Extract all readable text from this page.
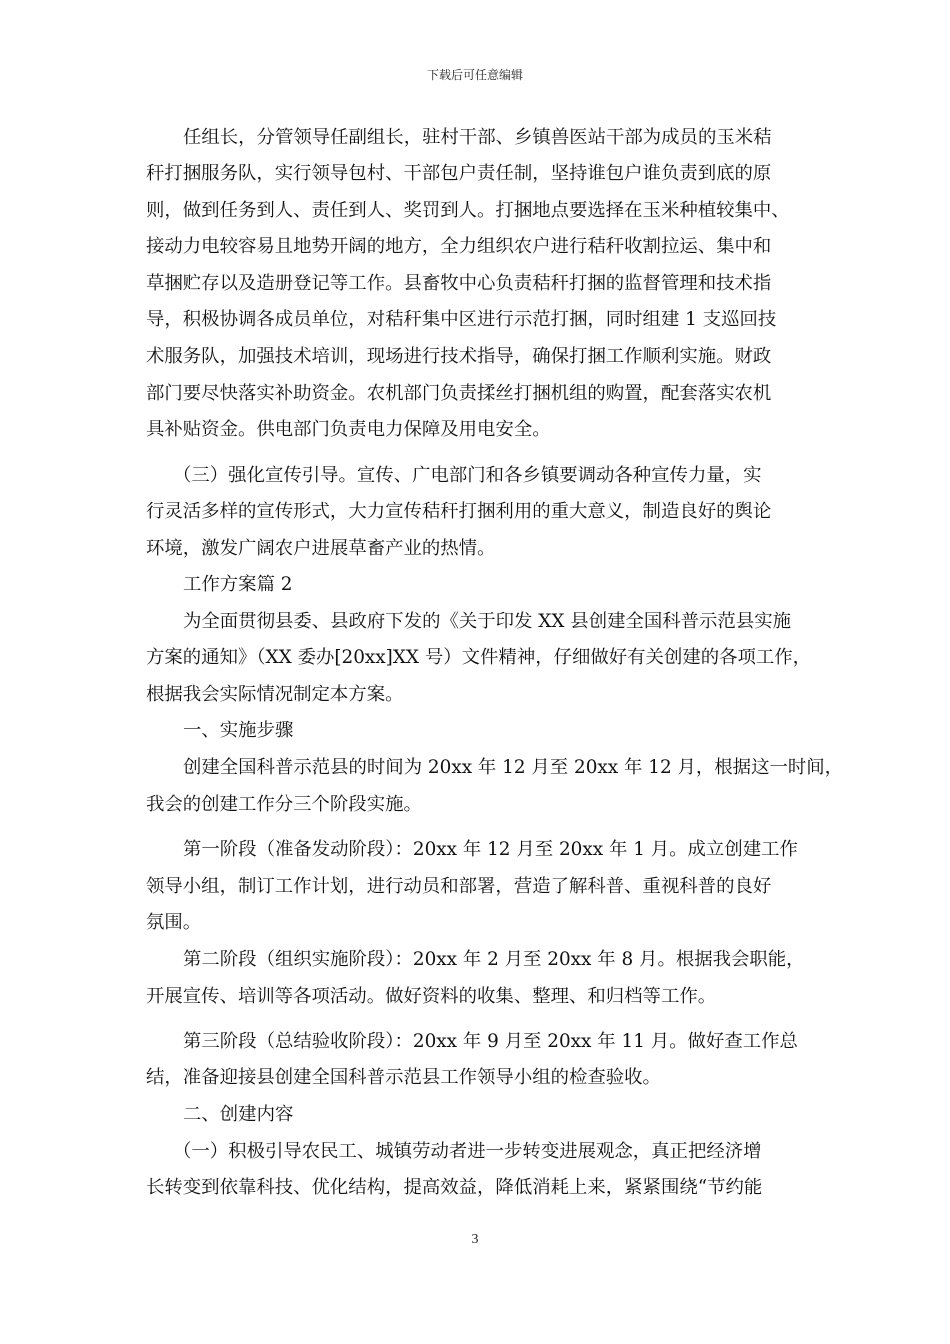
下载后可任意编辑
任组长，分管领导任副组长，驻村干部、乡镇兽医站干部为成员的玉米秸
秆打捆服务队，实行领导包村、干部包户责任制，坚持谁包户谁负责到底的原
则，做到任务到人、责任到人、奖罚到人。打捆地点要选择在玉米种植较集中、
接动力电较容易且地势开阔的地方，全力组织农户进行秸秆收割拉运、集中和
草捆贮存以及造册登记等工作。县畜牧中心负责秸秆打捆的监督管理和技术指
导，积极协调各成员单位，对秸秆集中区进行示范打捆，同时组建 1 支巡回技
术服务队，加强技术培训，现场进行技术指导，确保打捆工作顺利实施。财政
部门要尽快落实补助资金。农机部门负责揉丝打捆机组的购置，配套落实农机
具补贴资金。供电部门负责电力保障及用电安全。
（三）强化宣传引导。宣传、广电部门和各乡镇要调动各种宣传力量，实
行灵活多样的宣传形式，大力宣传秸秆打捆利用的重大意义，制造良好的舆论
环境，激发广阔农户进展草畜产业的热情。
工作方案篇 2
为全面贯彻县委、县政府下发的《关于印发 XX 县创建全国科普示范县实施
方案的通知》（XX 委办[20xx]XX 号）文件精神，仔细做好有关创建的各项工作，
根据我会实际情况制定本方案。
一、实施步骤
创建全国科普示范县的时间为 20xx 年 12 月至 20xx 年 12 月，根据这一时间，
我会的创建工作分三个阶段实施。
第一阶段（准备发动阶段）：20xx 年 12 月至 20xx 年 1 月。成立创建工作
领导小组，制订工作计划，进行动员和部署，营造了解科普、重视科普的良好
氛围。
第二阶段（组织实施阶段）：20xx 年 2 月至 20xx 年 8 月。根据我会职能，
开展宣传、培训等各项活动。做好资料的收集、整理、和归档等工作。
第三阶段（总结验收阶段）：20xx 年 9 月至 20xx 年 11 月。做好查工作总
结，准备迎接县创建全国科普示范县工作领导小组的检查验收。
二、创建内容
（一）积极引导农民工、城镇劳动者进一步转变进展观念，真正把经济增
长转变到依靠科技、优化结构，提高效益，降低消耗上来，紧紧围绕“节约能
3
